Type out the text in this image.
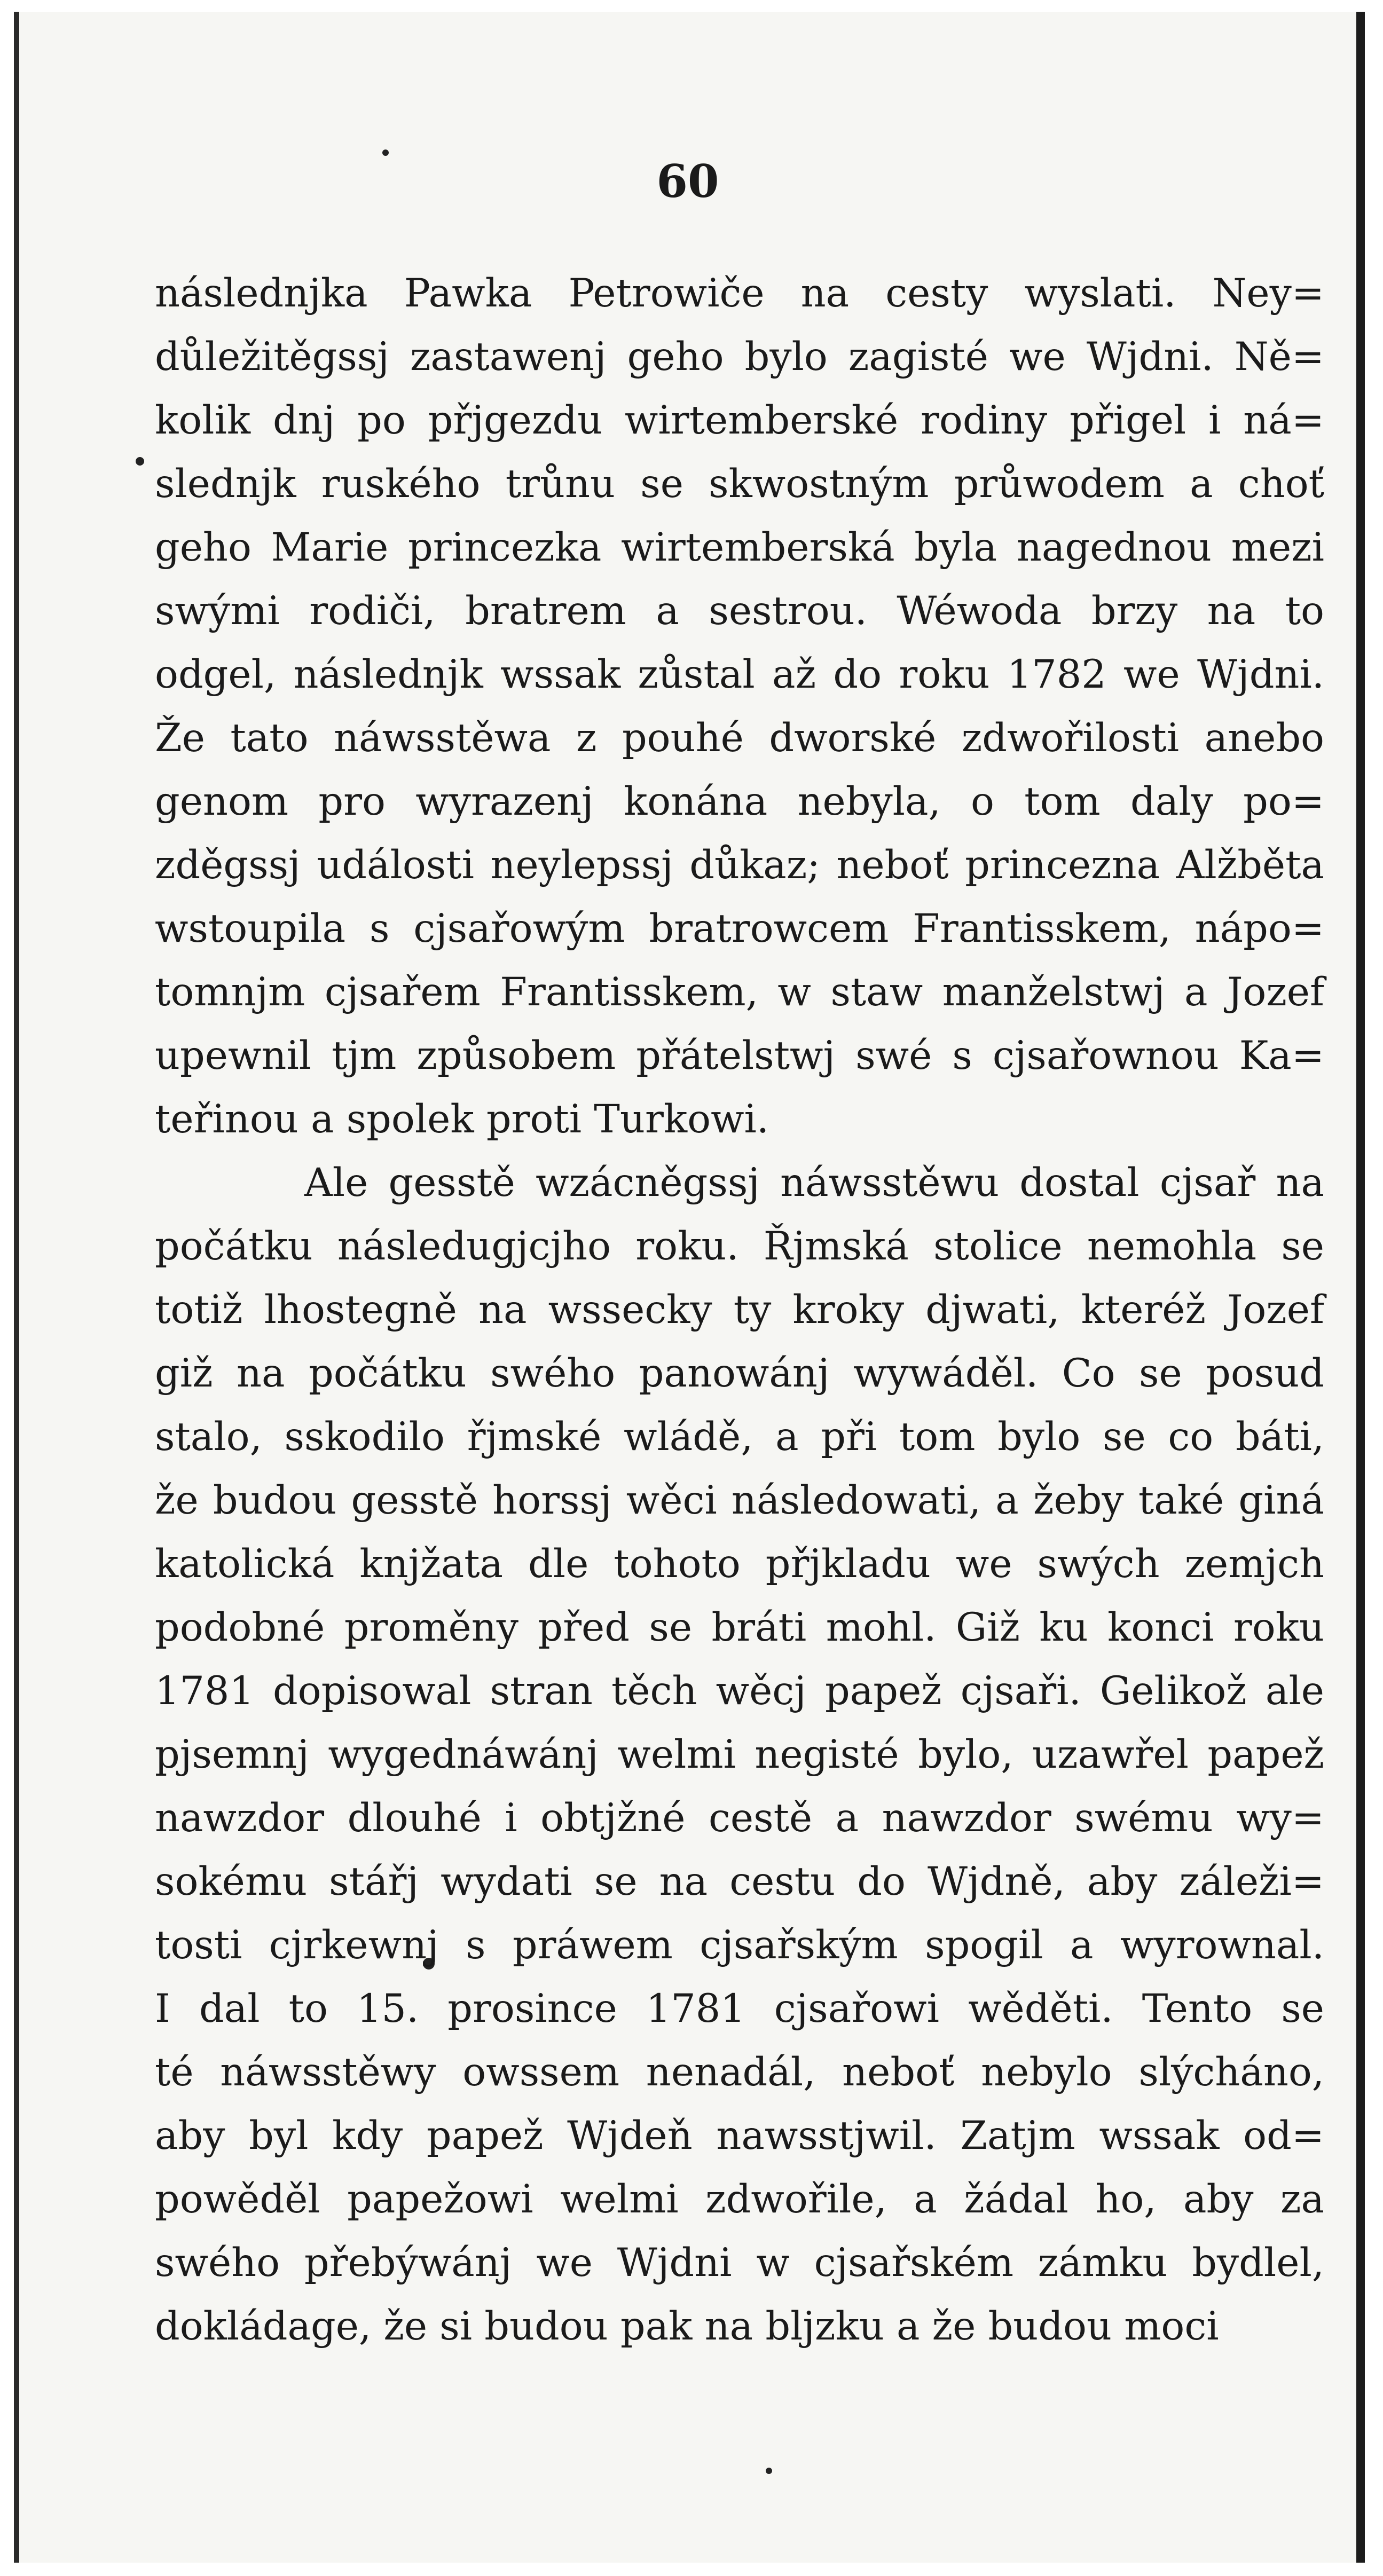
60
následnjka Pawka Petrowiče na cesty wyslati. Ney=
důležitěgssj zastawenj geho bylo zagisté we Wjdni. Ně=
kolik dnj po přjgezdu wirtemberské rodiny přigel i ná=
slednjk ruského trůnu se skwostným průwodem a choť
geho Marie princezka wirtemberská byla nagednou mezi
swými rodiči, bratrem a sestrou. Wéwoda brzy na to
odgel, následnjk wssak zůstal až do roku 1782 we Wjdni.
Že tato náwsstěwa z pouhé dworské zdwořilosti anebo
genom pro wyrazenj konána nebyla, o tom daly po=
zděgssj události neylepssj důkaz; neboť princezna Alžběta
wstoupila s cjsařowým bratrowcem Frantisskem, nápo=
tomnjm cjsařem Frantisskem, w staw manželstwj a Jozef
upewnil tjm způsobem přátelstwj swé s cjsařownou Ka=
teřinou a spolek proti Turkowi.
Ale gesstě wzácněgssj náwsstěwu dostal cjsař na
počátku následugjcjho roku. Řjmská stolice nemohla se
totiž lhostegně na wssecky ty kroky djwati, kteréž Jozef
giž na počátku swého panowánj wywáděl. Co se posud
stalo, sskodilo řjmské wládě, a při tom bylo se co báti,
že budou gesstě horssj wěci následowati, a žeby také giná
katolická knjžata dle tohoto přjkladu we swých zemjch
podobné proměny před se bráti mohl. Giž ku konci roku
1781 dopisowal stran těch wěcj papež cjsaři. Gelikož ale
pjsemnj wygednáwánj welmi negisté bylo, uzawřel papež
nawzdor dlouhé i obtjžné cestě a nawzdor swému wy=
sokému stářj wydati se na cestu do Wjdně, aby záleži=
tosti cjrkewnj s práwem cjsařským spogil a wyrownal.
I dal to 15. prosince 1781 cjsařowi wěděti. Tento se
té náwsstěwy owssem nenadál, neboť nebylo slýcháno,
aby byl kdy papež Wjdeň nawsstjwil. Zatjm wssak od=
powěděl papežowi welmi zdwořile, a žádal ho, aby za
swého přebýwánj we Wjdni w cjsařském zámku bydlel,
dokládage, že si budou pak na bljzku a že budou moci
